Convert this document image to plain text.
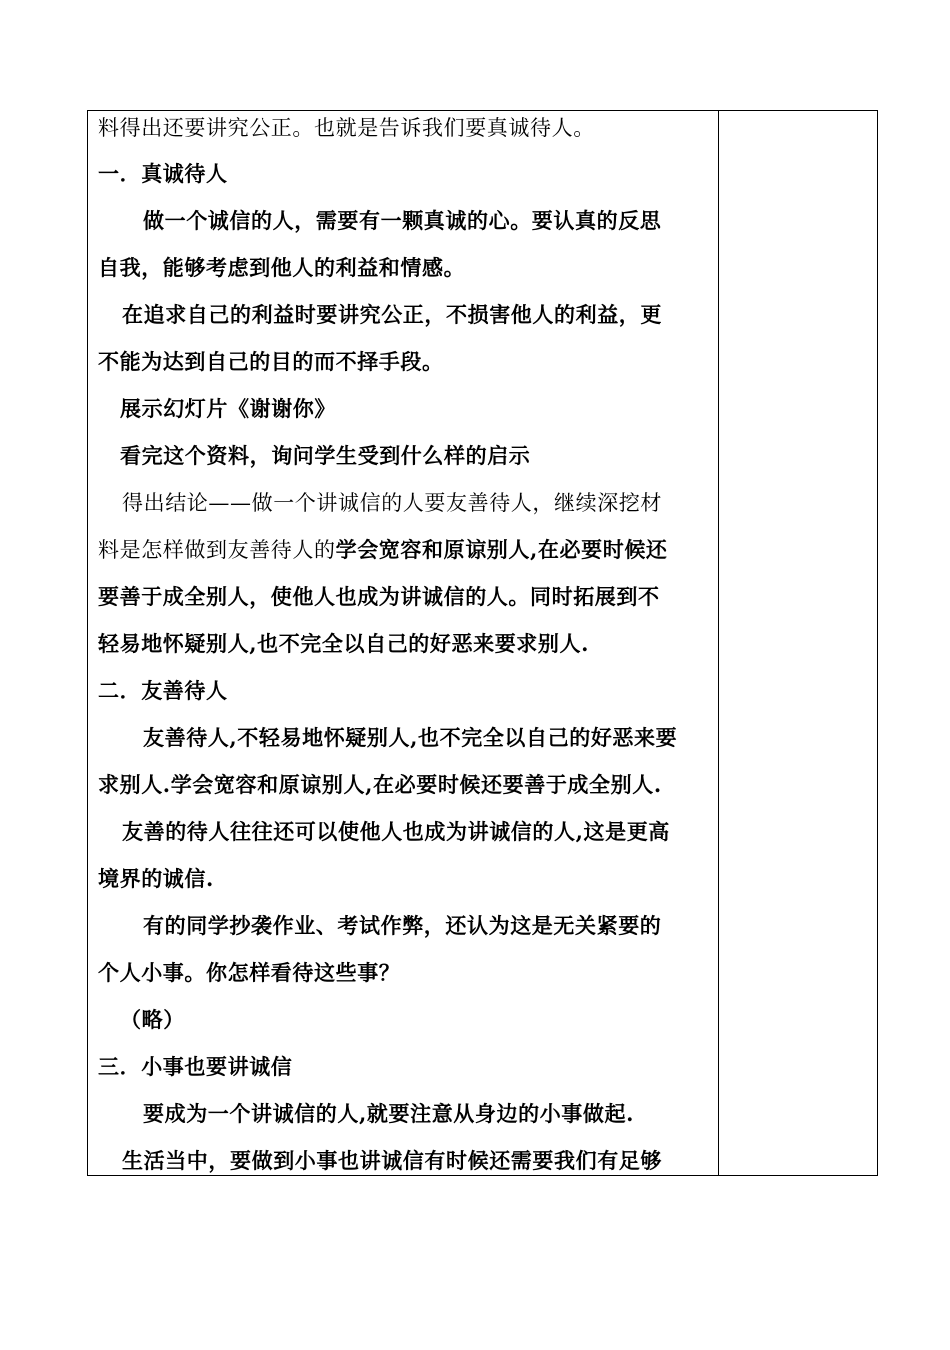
料得出还要讲究公正。也就是告诉我们要真诚待人。
一．真诚待人
做一个诚信的人，需要有一颗真诚的心。要认真的反思
自我，能够考虑到他人的利益和情感。
在追求自己的利益时要讲究公正，不损害他人的利益，更
不能为达到自己的目的而不择手段。
展示幻灯片《谢谢你》
看完这个资料，询问学生受到什么样的启示
得出结论——做一个讲诚信的人要友善待人，继续深挖材
料是怎样做到友善待人的学会宽容和原谅别人,在必要时候还
要善于成全别人，使他人也成为讲诚信的人。同时拓展到不
轻易地怀疑别人,也不完全以自己的好恶来要求别人.
二．友善待人
友善待人,不轻易地怀疑别人,也不完全以自己的好恶来要
求别人.学会宽容和原谅别人,在必要时候还要善于成全别人.
友善的待人往往还可以使他人也成为讲诚信的人,这是更高
境界的诚信.
有的同学抄袭作业、考试作弊，还认为这是无关紧要的
个人小事。你怎样看待这些事？
（略）
三．小事也要讲诚信
要成为一个讲诚信的人,就要注意从身边的小事做起.
生活当中，要做到小事也讲诚信有时候还需要我们有足够
